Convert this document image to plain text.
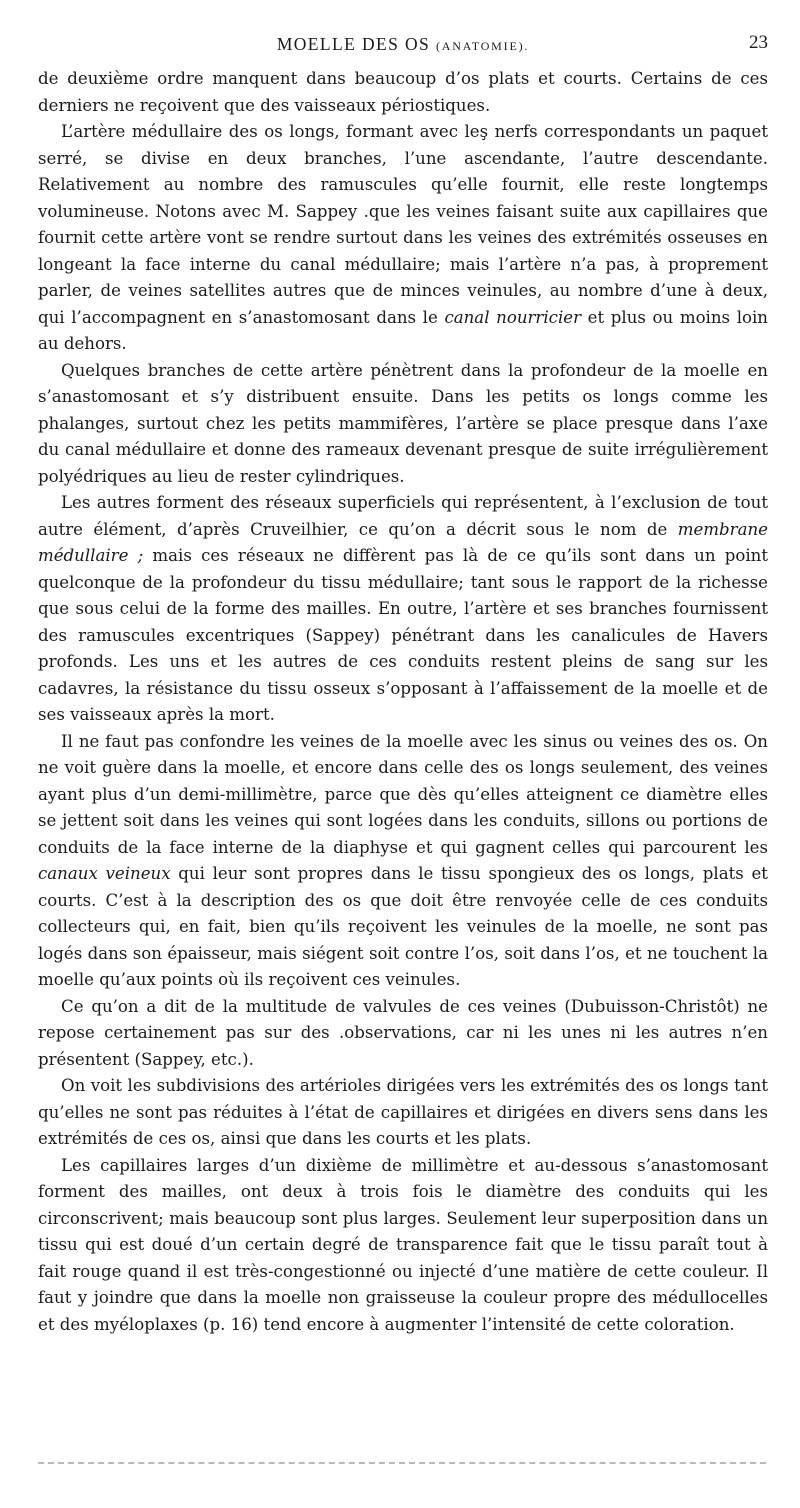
MOELLE DES OS (ANATOMIE).	23

de deuxième ordre manquent dans beaucoup d’os plats et courts. Certains de ces derniers ne reçoivent que des vaisseaux périostiques.

L’artère médullaire des os longs, formant avec leş nerfs correspondants un paquet serré, se divise en deux branches, l’une ascendante, l’autre descendante. Relativement au nombre des ramuscules qu’elle fournit, elle reste longtemps volumineuse. Notons avec M. Sappey .que les veines faisant suite aux capillaires que fournit cette artère vont se rendre surtout dans les veines des extrémités osseuses en longeant la face interne du canal médullaire; mais l’artère n’a pas, à proprement parler, de veines satellites autres que de minces veinules, au nombre d’une à deux, qui l’accompagnent en s’anastomosant dans le canal nourricier et plus ou moins loin au dehors.

Quelques branches de cette artère pénètrent dans la profondeur de la moelle en s’anastomosant et s’y distribuent ensuite. Dans les petits os longs comme les phalanges, surtout chez les petits mammifères, l’artère se place presque dans l’axe du canal médullaire et donne des rameaux devenant presque de suite irrégulièrement polyédriques au lieu de rester cylindriques.

Les autres forment des réseaux superficiels qui représentent, à l’exclusion de tout autre élément, d’après Cruveilhier, ce qu’on a décrit sous le nom de membrane médullaire ; mais ces réseaux ne diffèrent pas là de ce qu’ils sont dans un point quelconque de la profondeur du tissu médullaire; tant sous le rapport de la richesse que sous celui de la forme des mailles. En outre, l’artère et ses branches fournissent des ramuscules excentriques (Sappey) pénétrant dans les canalicules de Havers profonds. Les uns et les autres de ces conduits restent pleins de sang sur les cadavres, la résistance du tissu osseux s’opposant à l’affaissement de la moelle et de ses vaisseaux après la mort.

Il ne faut pas confondre les veines de la moelle avec les sinus ou veines des os. On ne voit guère dans la moelle, et encore dans celle des os longs seulement, des veines ayant plus d’un demi-millimètre, parce que dès qu’elles atteignent ce diamètre elles se jettent soit dans les veines qui sont logées dans les conduits, sillons ou portions de conduits de la face interne de la diaphyse et qui gagnent celles qui parcourent les canaux veineux qui leur sont propres dans le tissu spongieux des os longs, plats et courts. C’est à la description des os que doit être renvoyée celle de ces conduits collecteurs qui, en fait, bien qu’ils reçoivent les veinules de la moelle, ne sont pas logés dans son épaisseur, mais siégent soit contre l’os, soit dans l’os, et ne touchent la moelle qu’aux points où ils reçoivent ces veinules.

Ce qu’on a dit de la multitude de valvules de ces veines (Dubuisson-Christôt) ne repose certainement pas sur des .observations, car ni les unes ni les autres n’en présentent (Sappey, etc.).

On voit les subdivisions des artérioles dirigées vers les extrémités des os longs tant qu’elles ne sont pas réduites à l’état de capillaires et dirigées en divers sens dans les extrémités de ces os, ainsi que dans les courts et les plats.

Les capillaires larges d’un dixième de millimètre et au-dessous s’anastomosant forment des mailles, ont deux à trois fois le diamètre des conduits qui les circonscrivent; mais beaucoup sont plus larges. Seulement leur superposition dans un tissu qui est doué d’un certain degré de transparence fait que le tissu paraît tout à fait rouge quand il est très-congestionné ou injecté d’une matière de cette couleur. Il faut y joindre que dans la moelle non graisseuse la couleur propre des médullocelles et des myéloplaxes (p. 16) tend encore à augmenter l’intensité de cette coloration.
